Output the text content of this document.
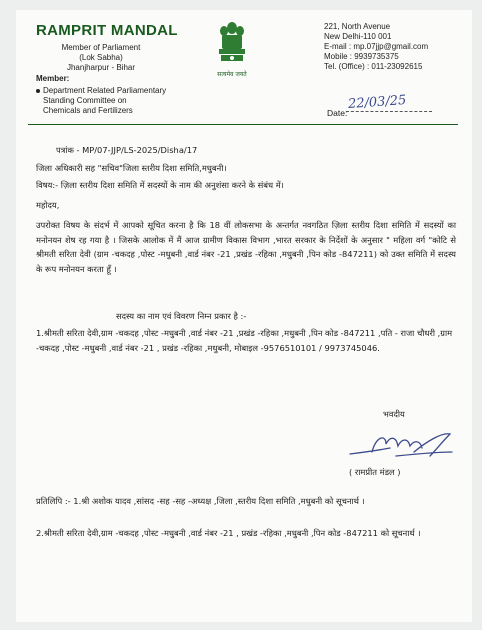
RAMPRIT MANDAL
Member of Parliament
(Lok Sabha)
Jhanjharpur - Bihar
सत्यमेव जयते
221, North Avenue
New Delhi-110 001
E-mail : mp.07jjp@gmail.com
Mobile : 9939735375
Tel. (Office) : 011-23092615
Member:
Department Related Parliamentary
Standing Committee on
Chemicals and Fertilizers	Date:
22/03/25
पत्रांक - MP/07-JJP/LS-2025/Disha/17
जिला अधिकारी सह "सचिव"जिला स्तरीय दिशा समिति,मधुबनी।
विषय:- ज़िला स्तरीय दिशा समिति में सदस्यों के नाम की अनुशंसा करने के संबंध में।
महोदय,
उपरोक्त विषय के संदर्भ में आपको सूचित करना है कि 18 वीं लोकसभा के अन्तर्गत नवगठित ज़िला स्तरीय दिशा समिति में सदस्यों का मनोनयन शेष रह गया है । जिसके आलोक में मैं आज ग्रामीण विकास विभाग ,भारत सरकार के निर्देशों के अनुसार " महिला वर्ग "कोटि से श्रीमती सरिता देवी (ग्राम -चकदह ,पोस्ट -मधुबनी ,वार्ड नंबर -21 ,प्रखंड -रहिका ,मधुबनी ,पिन कोड -847211) को उक्त समिति में सदस्य के रूप मनोनयन करता हूँ ।
सदस्य का नाम एवं विवरण निम्न प्रकार है :-
1.श्रीमती सरिता देवी,ग्राम -चकदह ,पोस्ट -मधुबनी ,वार्ड नंबर -21 ,प्रखंड -रहिका ,मधुबनी ,पिन कोड -847211 ,पति - राजा चौधरी ,ग्राम -चकदह ,पोस्ट -मधुबनी ,वार्ड नंबर -21 , प्रखंड -रहिका ,मधुबनी, मोबाइल -9576510101 / 9973745046.
भवदीय
( रामप्रीत मंडल )
प्रतिलिपि :- 1.श्री अशोक यादव ,सांसद -सह -सह -अध्यक्ष ,जिला ,स्तरीय दिशा समिति ,मधुबनी को सूचनार्थ ।
2.श्रीमती सरिता देवी,ग्राम -चकदह ,पोस्ट -मधुबनी ,वार्ड नंबर -21 , प्रखंड -रहिका ,मधुबनी ,पिन कोड -847211 को सूचनार्थ ।
